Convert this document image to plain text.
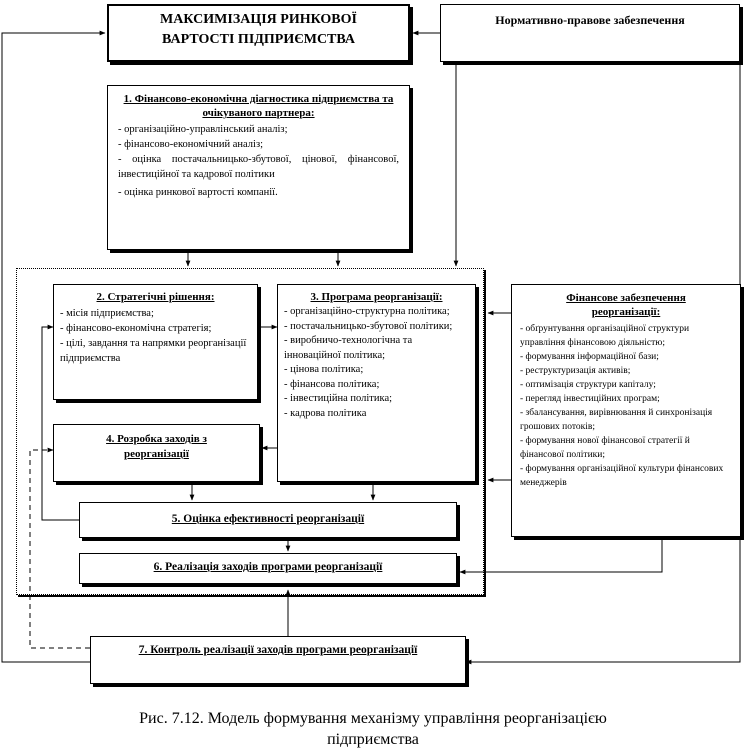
МАКСИМІЗАЦІЯ РИНКОВОЇ ВАРТОСТІ ПІДПРИЄМСТВА
Нормативно-правове забезпечення
1. Фінансово-економічна діагностика підприємства та очікуваного партнера:
- організаційно-управлінський аналіз;
- фінансово-економічний аналіз;
- оцінка постачальницько-збутової, цінової, фінансової, інвестиційної та кадрової політики
- оцінка ринкової вартості компанії.
2. Стратегічні рішення:
- місія підприємства;
- фінансово-економічна стратегія;
- цілі, завдання та напрямки реорганізації підприємства
3. Програма реорганізації:
- організаційно-структурна політика;
- постачальницько-збутової політики;
- виробничо-технологічна та інноваційної політика;
- цінова політика;
- фінансова політика;
- інвестиційна політика;
- кадрова політика
4. Розробка заходів з реорганізації
5. Оцінка ефективності реорганізації
6. Реалізація заходів програми реорганізації
7. Контроль реалізації заходів програми реорганізації
Фінансове забезпечення реорганізації:
- обґрунтування організаційної структури управління фінансовою діяльністю;
- формування інформаційної бази;
- реструктуризація активів;
- оптимізація структури капіталу;
- перегляд інвестиційних програм;
- збалансування, вирівнювання й синхронізація грошових потоків;
- формування нової фінансової стратегії й фінансової політики;
- формування організаційної культури фінансових менеджерів
Рис. 7.12. Модель формування механізму управління реорганізацією
підприємства
